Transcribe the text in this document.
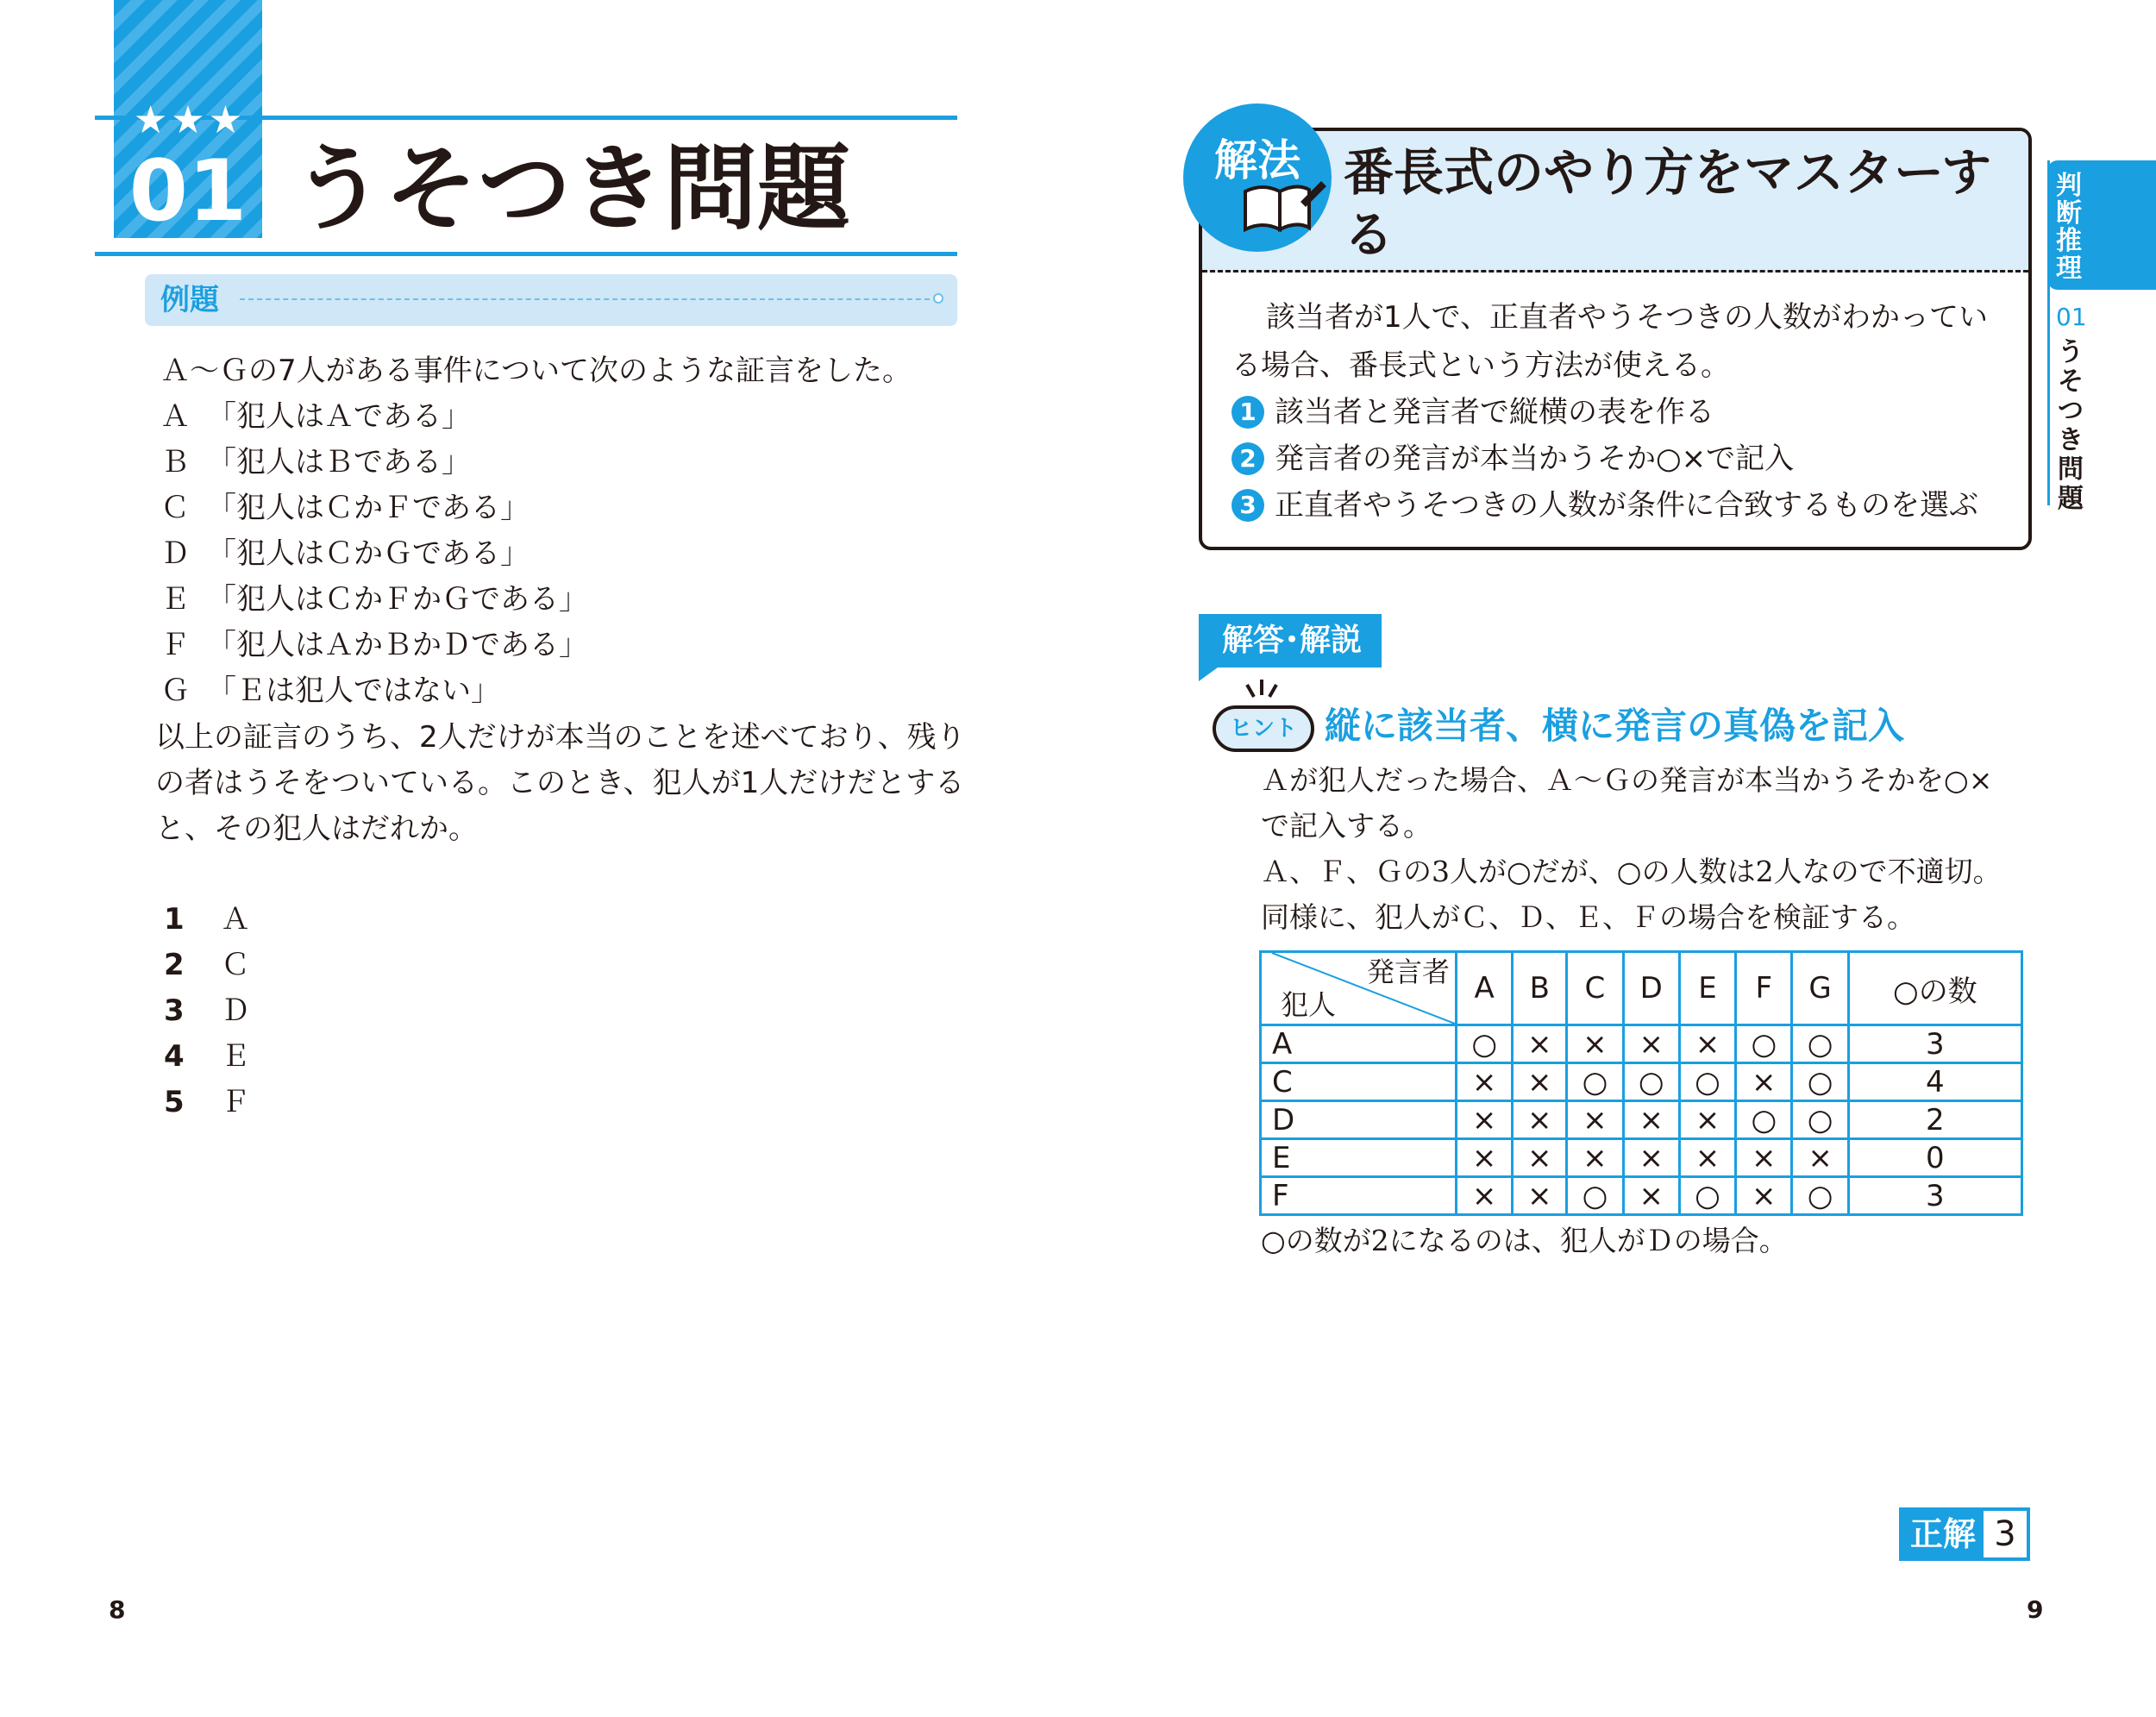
★★★
01 うそつき問題
例題
Ａ～Ｇの7人がある事件について次のような証言をした。
Ａ 「犯人はＡである」
Ｂ 「犯人はＢである」
Ｃ 「犯人はＣかＦである」
Ｄ 「犯人はＣかＧである」
Ｅ 「犯人はＣかＦかＧである」
Ｆ 「犯人はＡかＢかＤである」
Ｇ 「Ｅは犯人ではない」
以上の証言のうち、2人だけが本当のことを述べており、残り
の者はうそをついている。このとき、犯人が1人だけだとする
と、その犯人はだれか。
1 Ａ
2 Ｃ
3 Ｄ
4 Ｅ
5 Ｆ
8
解法 番長式のやり方をマスターする
該当者が1人で、正直者やうそつきの人数がわかっている場合、番長式という方法が使える。
1 該当者と発言者で縦横の表を作る
2 発言者の発言が本当かうそか○×で記入
3 正直者やうそつきの人数が条件に合致するものを選ぶ
判断推理
01
うそつき問題
解答･解説
ヒント 縦に該当者、横に発言の真偽を記入
Ａが犯人だった場合、Ａ～Ｇの発言が本当かうそかを○×
で記入する。
Ａ、Ｆ、Ｇの3人が○だが、○の人数は2人なので不適切。
同様に、犯人がＣ、Ｄ、Ｅ、Ｆの場合を検証する。
発言者
犯人	A	B	C	D	E	F	G	○の数
A	○	×	×	×	×	○	○	3
C	×	×	○	○	○	×	○	4
D	×	×	×	×	×	○	○	2
E	×	×	×	×	×	×	×	0
F	×	×	○	×	○	×	○	3
○の数が2になるのは、犯人がＤの場合。
正解 3
9
